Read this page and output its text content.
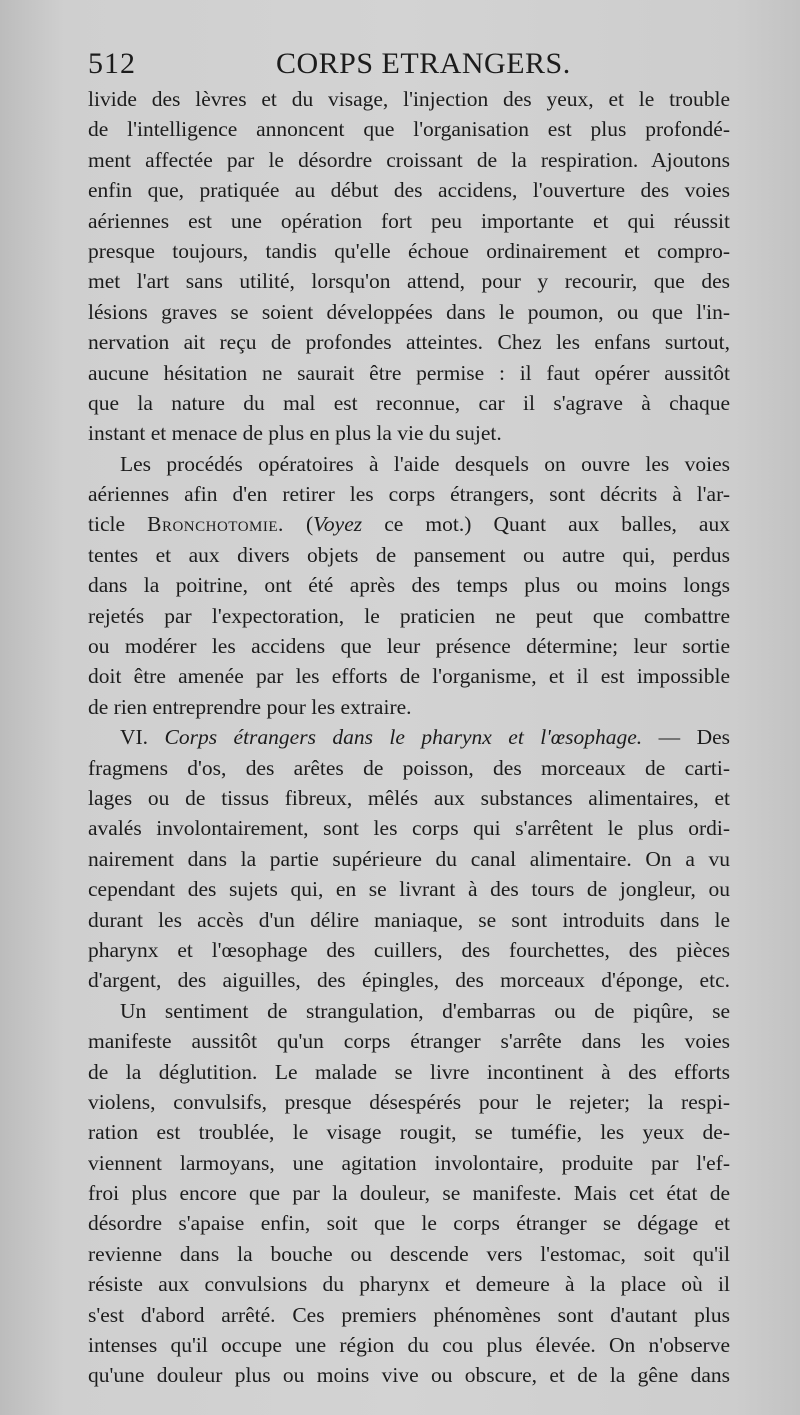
512	CORPS ETRANGERS.
livide des lèvres et du visage, l'injection des yeux, et le trouble
de l'intelligence annoncent que l'organisation est plus profondé-
ment affectée par le désordre croissant de la respiration. Ajoutons
enfin que, pratiquée au début des accidens, l'ouverture des voies
aériennes est une opération fort peu importante et qui réussit
presque toujours, tandis qu'elle échoue ordinairement et compro-
met l'art sans utilité, lorsqu'on attend, pour y recourir, que des
lésions graves se soient développées dans le poumon, ou que l'in-
nervation ait reçu de profondes atteintes. Chez les enfans surtout,
aucune hésitation ne saurait être permise : il faut opérer aussitôt
que la nature du mal est reconnue, car il s'agrave à chaque
instant et menace de plus en plus la vie du sujet.
Les procédés opératoires à l'aide desquels on ouvre les voies
aériennes afin d'en retirer les corps étrangers, sont décrits à l'ar-
ticle Bronchotomie. (Voyez ce mot.) Quant aux balles, aux
tentes et aux divers objets de pansement ou autre qui, perdus
dans la poitrine, ont été après des temps plus ou moins longs
rejetés par l'expectoration, le praticien ne peut que combattre
ou modérer les accidens que leur présence détermine; leur sortie
doit être amenée par les efforts de l'organisme, et il est impossible
de rien entreprendre pour les extraire.
VI. Corps étrangers dans le pharynx et l'œsophage. — Des
fragmens d'os, des arêtes de poisson, des morceaux de carti-
lages ou de tissus fibreux, mêlés aux substances alimentaires, et
avalés involontairement, sont les corps qui s'arrêtent le plus ordi-
nairement dans la partie supérieure du canal alimentaire. On a vu
cependant des sujets qui, en se livrant à des tours de jongleur, ou
durant les accès d'un délire maniaque, se sont introduits dans le
pharynx et l'œsophage des cuillers, des fourchettes, des pièces
d'argent, des aiguilles, des épingles, des morceaux d'éponge, etc.
Un sentiment de strangulation, d'embarras ou de piqûre, se
manifeste aussitôt qu'un corps étranger s'arrête dans les voies
de la déglutition. Le malade se livre incontinent à des efforts
violens, convulsifs, presque désespérés pour le rejeter; la respi-
ration est troublée, le visage rougit, se tuméfie, les yeux de-
viennent larmoyans, une agitation involontaire, produite par l'ef-
froi plus encore que par la douleur, se manifeste. Mais cet état de
désordre s'apaise enfin, soit que le corps étranger se dégage et
revienne dans la bouche ou descende vers l'estomac, soit qu'il
résiste aux convulsions du pharynx et demeure à la place où il
s'est d'abord arrêté. Ces premiers phénomènes sont d'autant plus
intenses qu'il occupe une région du cou plus élevée. On n'observe
qu'une douleur plus ou moins vive ou obscure, et de la gêne dans
